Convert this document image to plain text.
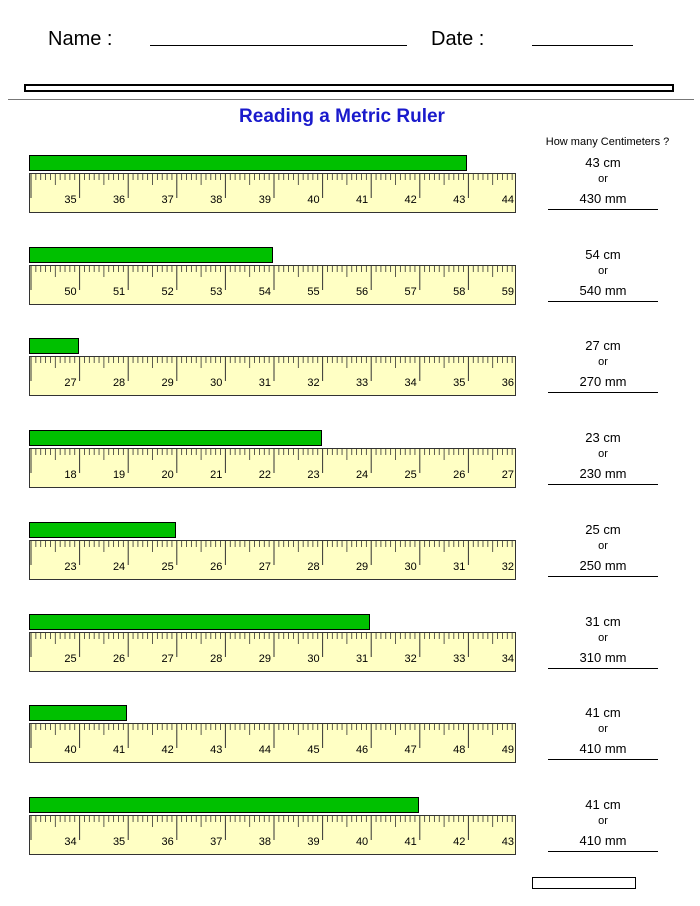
Name :	Date :
Reading a Metric Ruler
How many Centimeters ?
35	36	37	38	39	40	41	42	43	44
43 cm
or
430 mm
50	51	52	53	54	55	56	57	58	59
54 cm
or
540 mm
27	28	29	30	31	32	33	34	35	36
27 cm
or
270 mm
18	19	20	21	22	23	24	25	26	27
23 cm
or
230 mm
23	24	25	26	27	28	29	30	31	32
25 cm
or
250 mm
25	26	27	28	29	30	31	32	33	34
31 cm
or
310 mm
40	41	42	43	44	45	46	47	48	49
41 cm
or
410 mm
34	35	36	37	38	39	40	41	42	43
41 cm
or
410 mm
